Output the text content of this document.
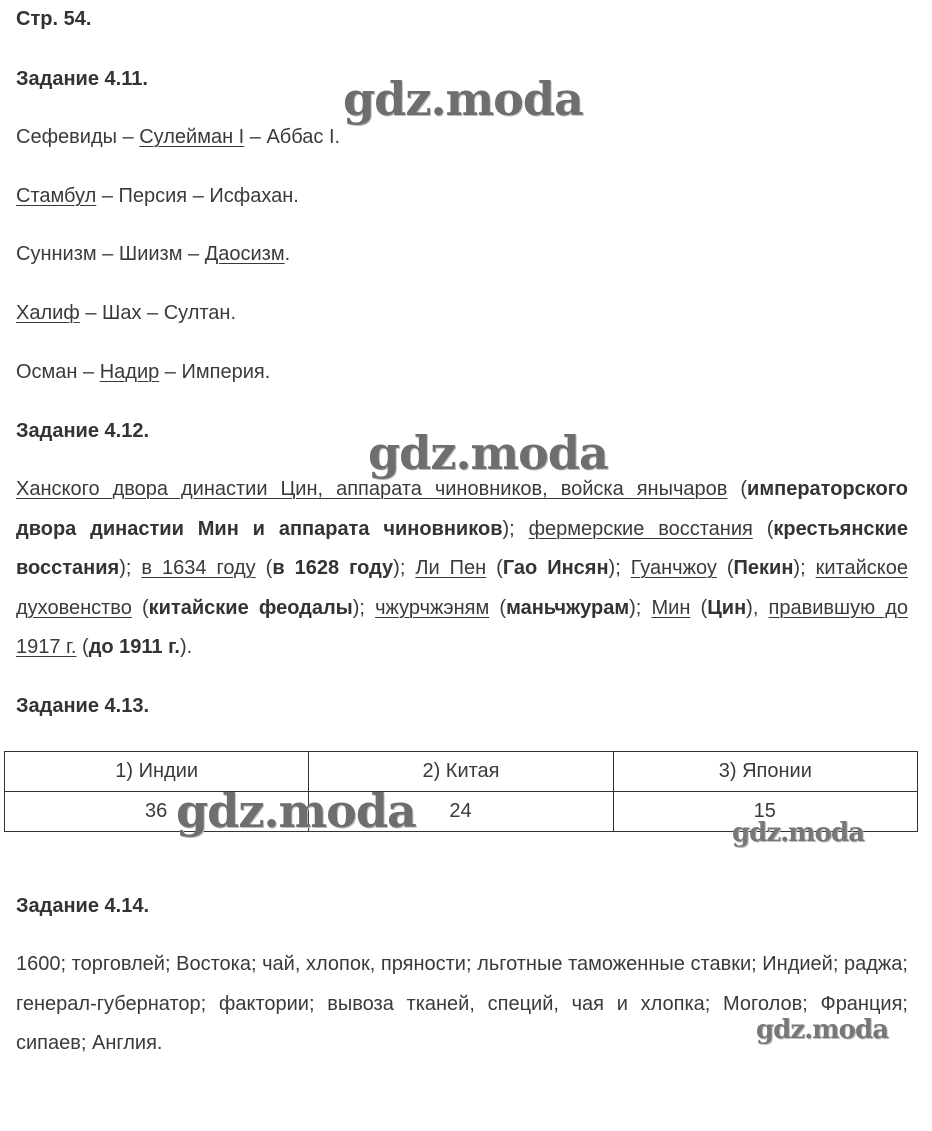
Стр. 54.
Задание 4.11.
Сефевиды – Сулейман I – Аббас I.
Стамбул – Персия – Исфахан.
Суннизм – Шиизм – Даосизм.
Халиф – Шах – Султан.
Осман – Надир – Империя.
Задание 4.12.
Ханского двора династии Цин, аппарата чиновников, войска янычаров (императорского двора династии Мин и аппарата чиновников); фермерские восстания (крестьянские восстания); в 1634 году (в 1628 году); Ли Пен (Гао Инсян); Гуанчжоу (Пекин); китайское духовенство (китайские феодалы); чжурчжэням (маньчжурам); Мин (Цин), правившую до 1917 г. (до 1911 г.).
Задание 4.13.
1) Индии	2) Китая	3) Японии
36	24	15
Задание 4.14.
1600; торговлей; Востока; чай, хлопок, пряности; льготные таможенные ставки; Индией; раджа; генерал-губернатор; фактории; вывоза тканей, специй, чая и хлопка; Моголов; Франция; сипаев; Англия.
gdz.moda
gdz.moda
gdz.moda	gdz.moda
gdz.moda
